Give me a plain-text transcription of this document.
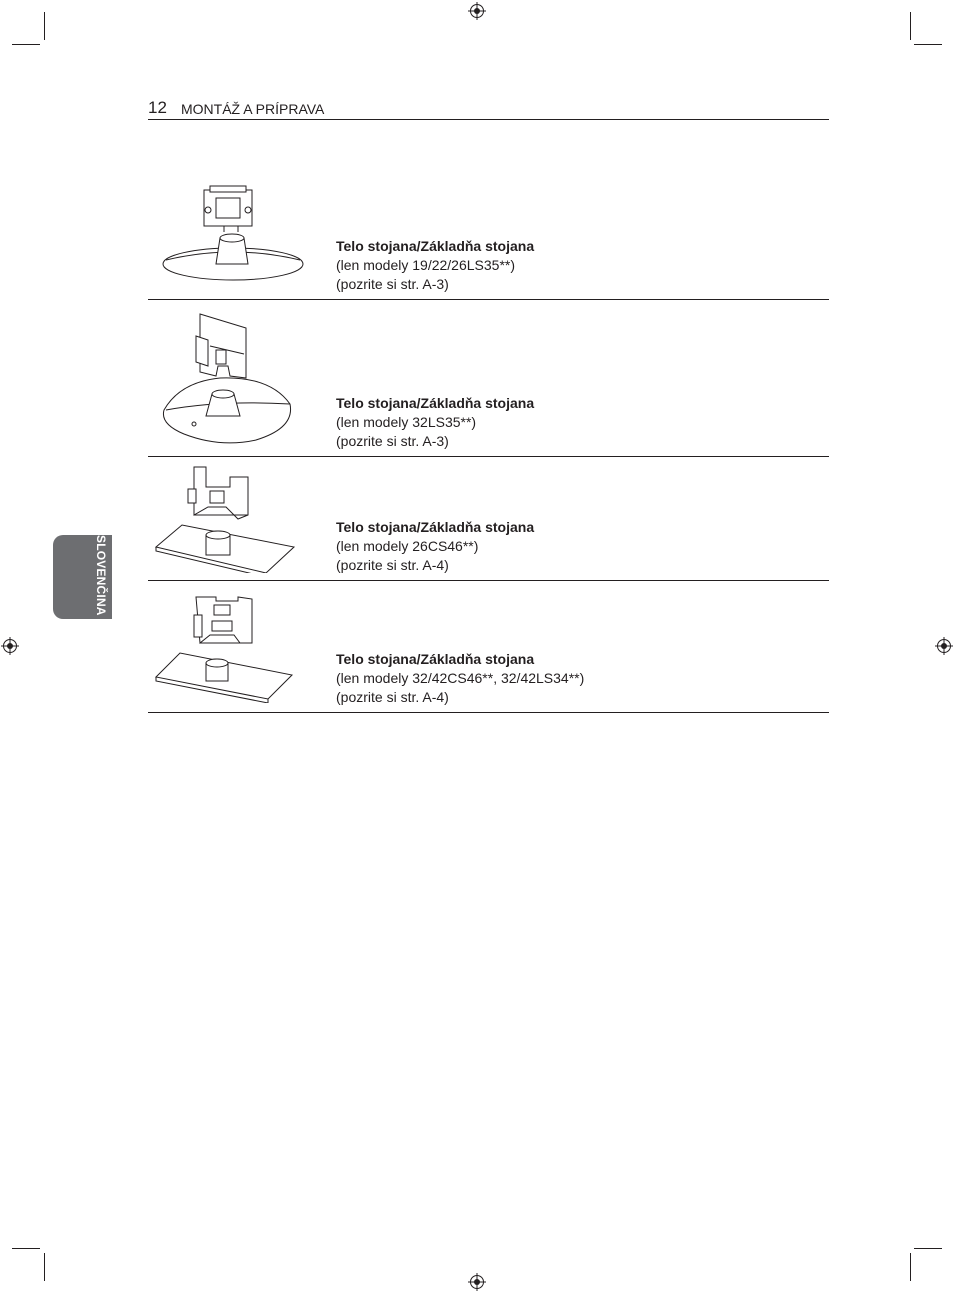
12 MONTÁŽ A PRÍPRAVA
SLOVENČINA
Telo stojana/Základňa stojana
(len modely 19/22/26LS35**)
(pozrite si str. A-3)
Telo stojana/Základňa stojana
(len modely 32LS35**)
(pozrite si str. A-3)
Telo stojana/Základňa stojana
(len modely 26CS46**)
(pozrite si str. A-4)
Telo stojana/Základňa stojana
(len modely 32/42CS46**, 32/42LS34**)
(pozrite si str. A-4)
